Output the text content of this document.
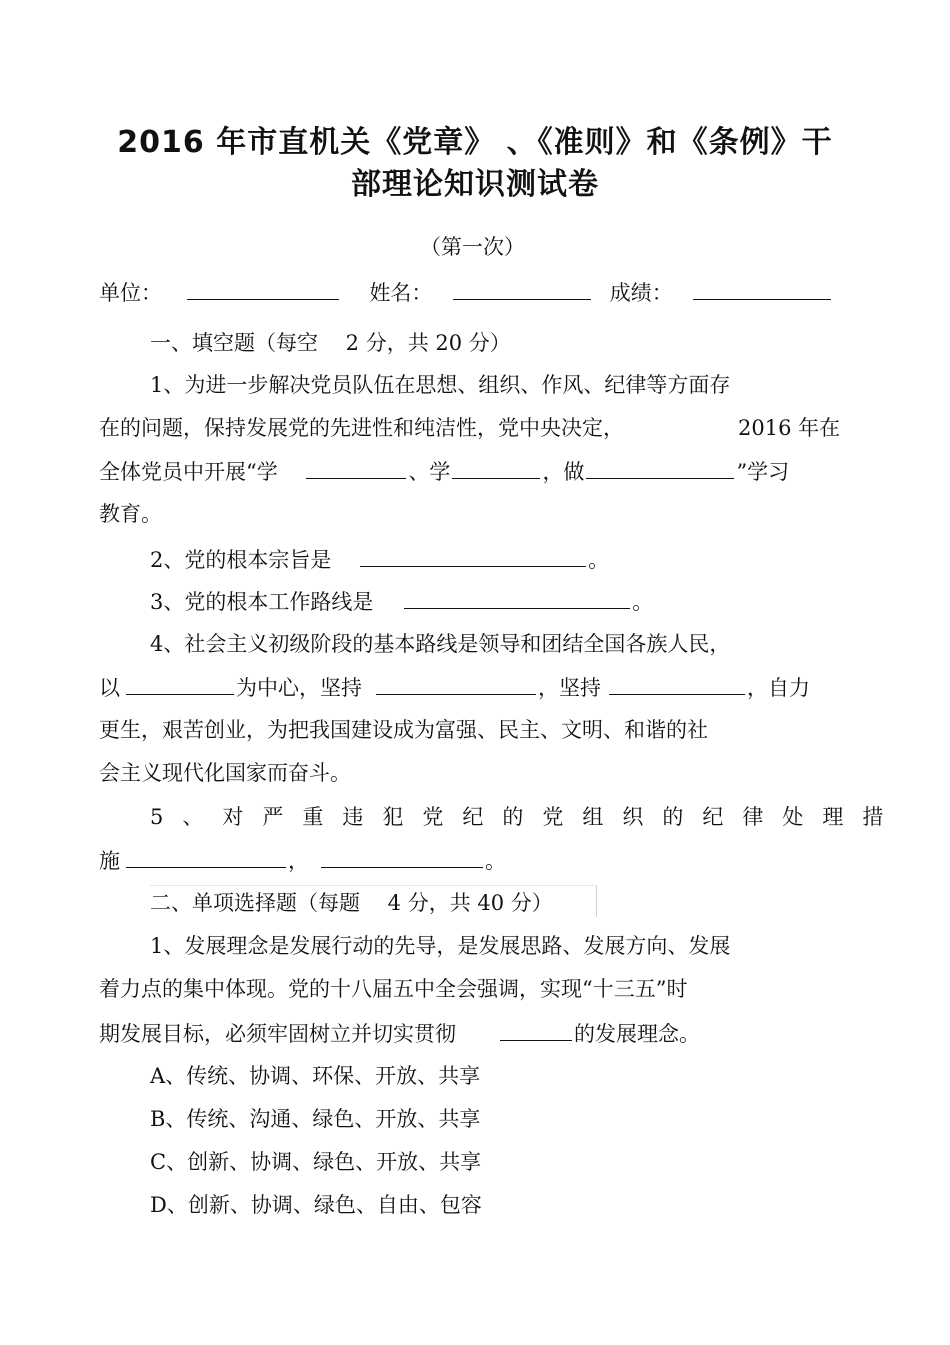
2016 年市直机关《党章》 、《准则》和《条例》干
部理论知识测试卷
（第一次）
单位：	姓名：	成绩：
一、填空题（每空　 2 分，共 20 分）
1、为进一步解决党员队伍在思想、组织、作风、纪律等方面存
在的问题，保持发展党的先进性和纯洁性，党中央决定，	2016 年在
全体党员中开展“学	、学	，做	”学习
教育。
2、党的根本宗旨是	。
3、党的根本工作路线是	。
4、社会主义初级阶段的基本路线是领导和团结全国各族人民，
以	为中心，坚持	，坚持	，自力
更生，艰苦创业，为把我国建设成为富强、民主、文明、和谐的社
会主义现代化国家而奋斗。
5、对严重违犯党纪的党组织的纪律处理措
施	，	。
二、单项选择题（每题　 4 分，共 40 分）
1、发展理念是发展行动的先导，是发展思路、发展方向、发展
着力点的集中体现。党的十八届五中全会强调，实现“十三五”时
期发展目标，必须牢固树立并切实贯彻	的发展理念。
A、传统、协调、环保、开放、共享
B、传统、沟通、绿色、开放、共享
C、创新、协调、绿色、开放、共享
D、创新、协调、绿色、自由、包容
